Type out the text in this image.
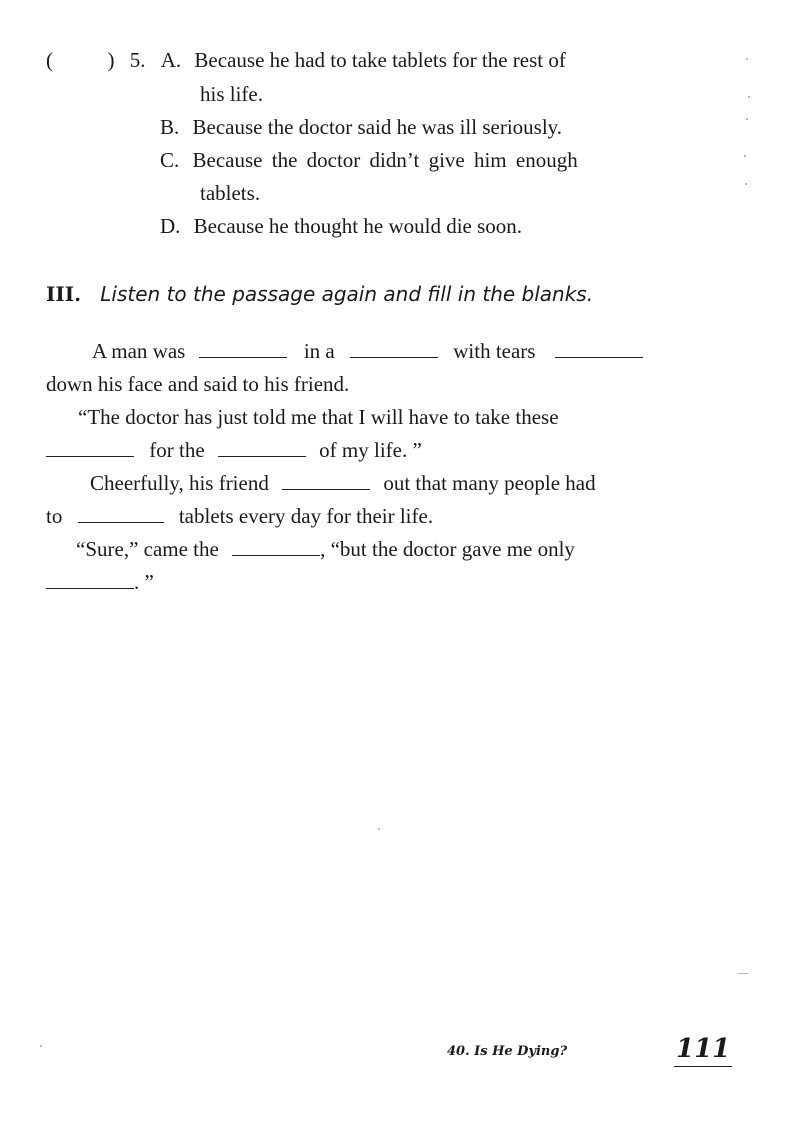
(	) 5. A. Because he had to take tablets for the rest of
his life.
B. Because the doctor said he was ill seriously.
C. Because the doctor didn’t give him enough
tablets.
D. Because he thought he would die soon.
III. Listen to the passage again and fill in the blanks.
A man was	in a	with tears
down his face and said to his friend.
“The doctor has just told me that I will have to take these
for the	of my life. ”
Cheerfully, his friend	out that many people had
to	tablets every day for their life.
“Sure,” came the	, “but the doctor gave me only
. ”
40. Is He Dying?	111
